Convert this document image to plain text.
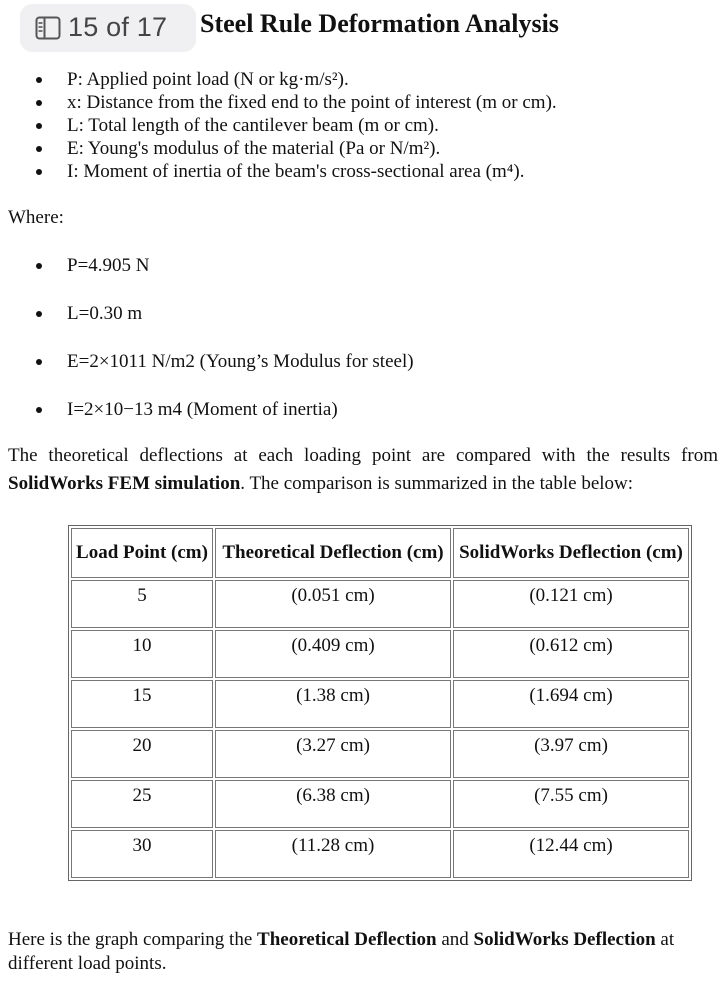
15 of 17 Steel Rule Deformation Analysis
P: Applied point load (N or kg·m/s²).
x: Distance from the fixed end to the point of interest (m or cm).
L: Total length of the cantilever beam (m or cm).
E: Young's modulus of the material (Pa or N/m²).
I: Moment of inertia of the beam's cross-sectional area (m⁴).
Where:
P=4.905 N
L=0.30 m
E=2×1011 N/m2 (Young’s Modulus for steel)
I=2×10−13 m4 (Moment of inertia)
The theoretical deflections at each loading point are compared with the results from
SolidWorks FEM simulation. The comparison is summarized in the table below:
Load Point (cm)	Theoretical Deflection (cm)	SolidWorks Deflection (cm)
5	(0.051 cm)	(0.121 cm)
10	(0.409 cm)	(0.612 cm)
15	(1.38 cm)	(1.694 cm)
20	(3.27 cm)	(3.97 cm)
25	(6.38 cm)	(7.55 cm)
30	(11.28 cm)	(12.44 cm)
Here is the graph comparing the Theoretical Deflection and SolidWorks Deflection at different load points.
